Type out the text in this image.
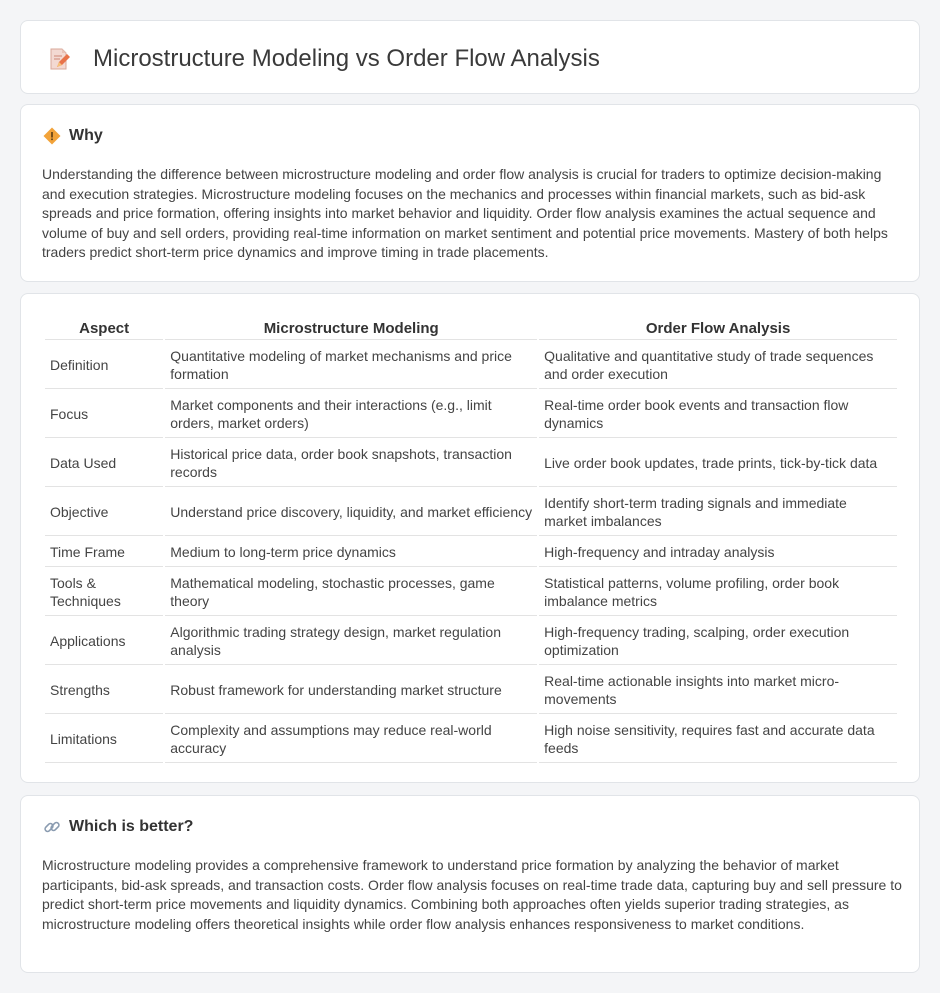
Microstructure Modeling vs Order Flow Analysis
Why

Understanding the difference between microstructure modeling and order flow analysis is crucial for traders to optimize decision-making and execution strategies. Microstructure modeling focuses on the mechanics and processes within financial markets, such as bid-ask spreads and price formation, offering insights into market behavior and liquidity. Order flow analysis examines the actual sequence and volume of buy and sell orders, providing real-time information on market sentiment and potential price movements. Mastery of both helps traders predict short-term price dynamics and improve timing in trade placements.

Aspect	Microstructure Modeling	Order Flow Analysis
Definition	Quantitative modeling of market mechanisms and price formation	Qualitative and quantitative study of trade sequences and order execution
Focus	Market components and their interactions (e.g., limit orders, market orders)	Real-time order book events and transaction flow dynamics
Data Used	Historical price data, order book snapshots, transaction records	Live order book updates, trade prints, tick-by-tick data
Objective	Understand price discovery, liquidity, and market efficiency	Identify short-term trading signals and immediate market imbalances
Time Frame	Medium to long-term price dynamics	High-frequency and intraday analysis
Tools & Techniques	Mathematical modeling, stochastic processes, game theory	Statistical patterns, volume profiling, order book imbalance metrics
Applications	Algorithmic trading strategy design, market regulation analysis	High-frequency trading, scalping, order execution optimization
Strengths	Robust framework for understanding market structure	Real-time actionable insights into market micro-movements
Limitations	Complexity and assumptions may reduce real-world accuracy	High noise sensitivity, requires fast and accurate data feeds
Which is better?

Microstructure modeling provides a comprehensive framework to understand price formation by analyzing the behavior of market participants, bid-ask spreads, and transaction costs. Order flow analysis focuses on real-time trade data, capturing buy and sell pressure to predict short-term price movements and liquidity dynamics. Combining both approaches often yields superior trading strategies, as microstructure modeling offers theoretical insights while order flow analysis enhances responsiveness to market conditions.
